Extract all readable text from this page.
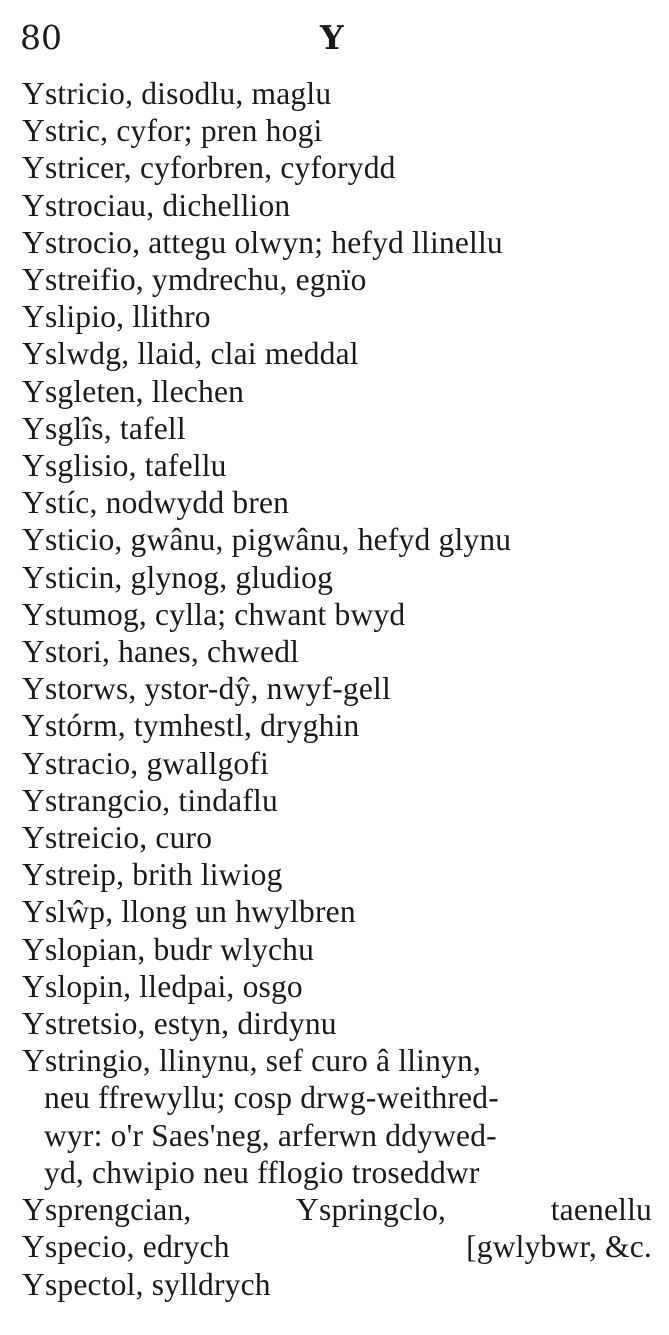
80	Y
Ystricio, disodlu, maglu
Ystric, cyfor; pren hogi
Ystricer, cyforbren, cyforydd
Ystrociau, dichellion
Ystrocio, attegu olwyn; hefyd llinellu
Ystreifio, ymdrechu, egnïo
Yslipio, llithro
Yslwdg, llaid, clai meddal
Ysgleten, llechen
Ysglîs, tafell
Ysglisio, tafellu
Ystíc, nodwydd bren
Ysticio, gwânu, pigwânu, hefyd glynu
Ysticin, glynog, gludiog
Ystumog, cylla; chwant bwyd
Ystori, hanes, chwedl
Ystorws, ystor-dŷ, nwyf-gell
Ystórm, tymhestl, dryghin
Ystracio, gwallgofi
Ystrangcio, tindaflu
Ystreicio, curo
Ystreip, brith liwiog
Yslŵp, llong un hwylbren
Yslopian, budr wlychu
Yslopin, lledpai, osgo
Ystretsio, estyn, dirdynu
Ystringio, llinynu, sef curo â llinyn,
neu ffrewyllu; cosp drwg-weithred-
wyr: o'r Saes'neg, arferwn ddywed-
yd, chwipio neu fflogio troseddwr
Ysprengcian,	Yspringclo,	taenellu
Yspecio, edrych	[gwlybwr, &c.
Yspectol, sylldrych
